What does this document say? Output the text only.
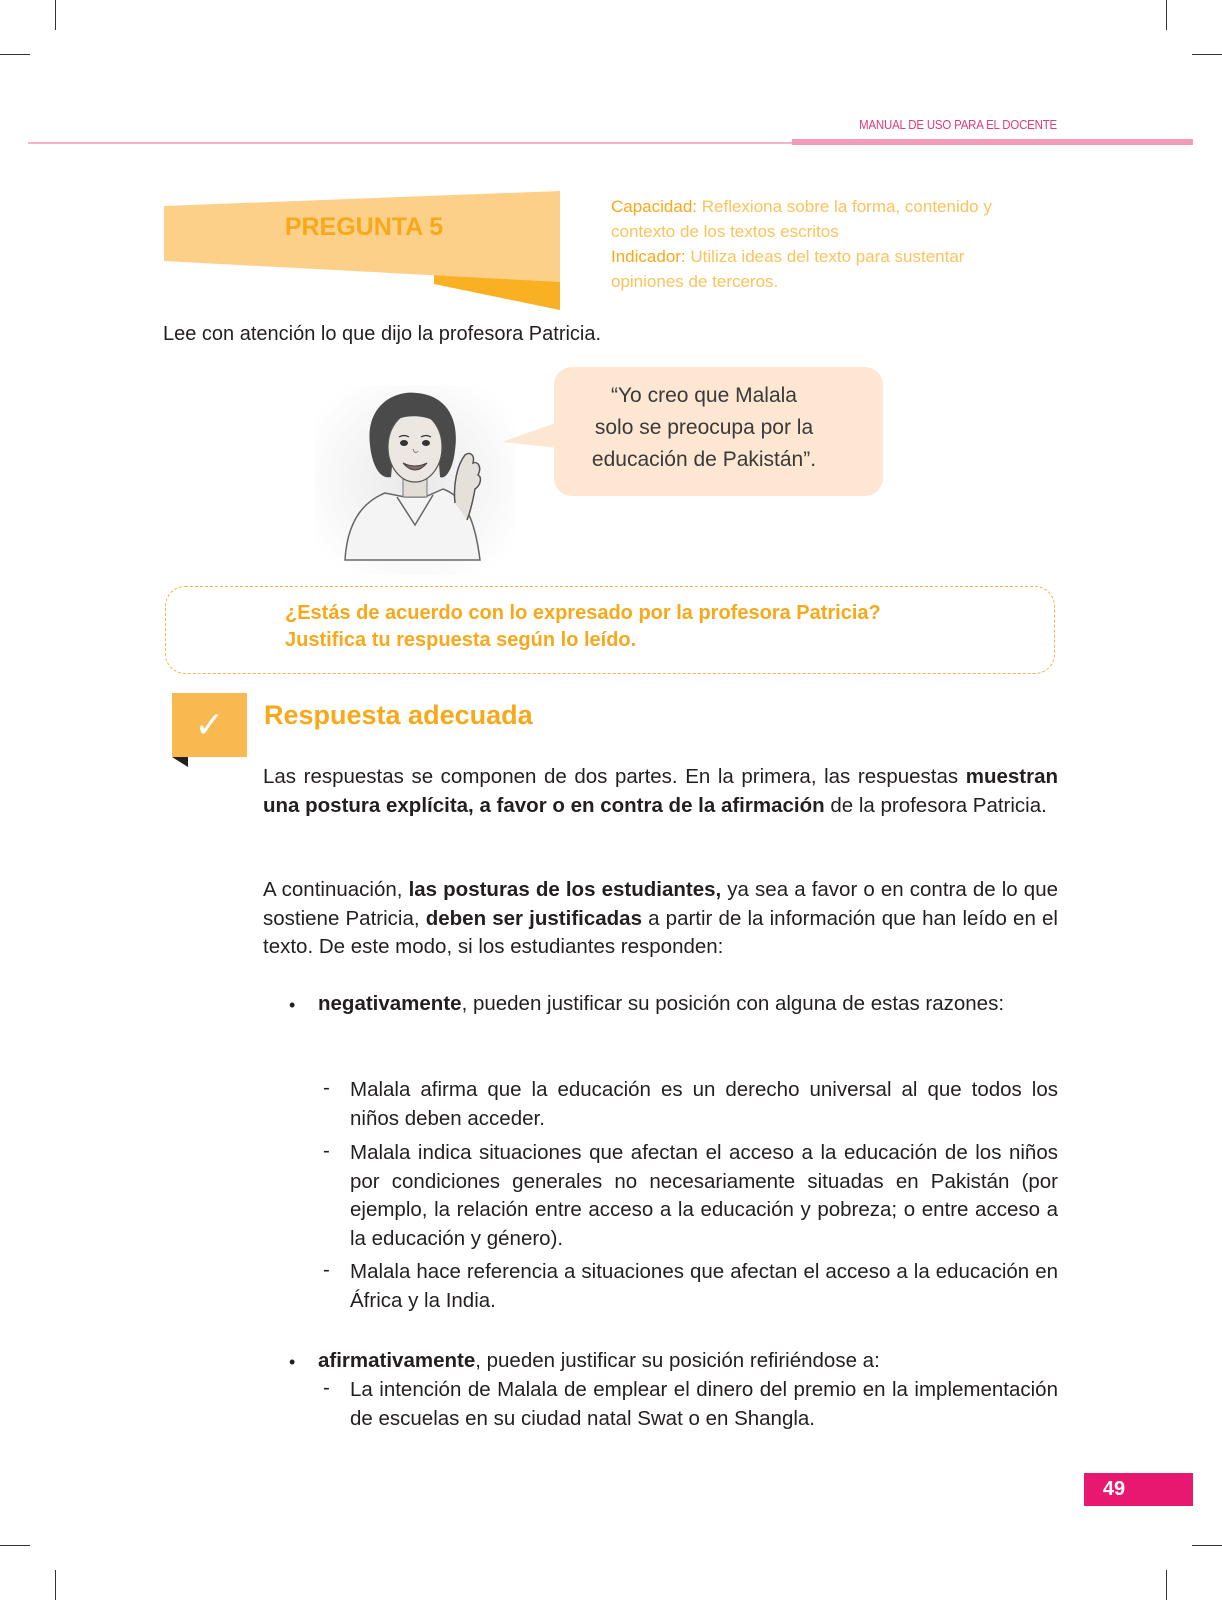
MANUAL DE USO PARA EL DOCENTE
PREGUNTA 5
Capacidad: Reflexiona sobre la forma, contenido y contexto de los textos escritos
Indicador: Utiliza ideas del texto para sustentar opiniones de terceros.
Lee con atención lo que dijo la profesora Patricia.
“Yo creo que Malala
solo se preocupa por la
educación de Pakistán”.
¿Estás de acuerdo con lo expresado por la profesora Patricia?
Justifica tu respuesta según lo leído.
✓	Respuesta adecuada
Las respuestas se componen de dos partes. En la primera, las respuestas muestran una postura explícita, a favor o en contra de la afirmación de la profesora Patricia.
A continuación, las posturas de los estudiantes, ya sea a favor o en contra de lo que sostiene Patricia, deben ser justificadas a partir de la información que han leído en el texto. De este modo, si los estudiantes responden:
• negativamente, pueden justificar su posición con alguna de estas razones:
- Malala afirma que la educación es un derecho universal al que todos los niños deben acceder.
- Malala indica situaciones que afectan el acceso a la educación de los niños por condiciones generales no necesariamente situadas en Pakistán (por ejemplo, la relación entre acceso a la educación y pobreza; o entre acceso a la educación y género).
- Malala hace referencia a situaciones que afectan el acceso a la educación en África y la India.
• afirmativamente, pueden justificar su posición refiriéndose a:
- La intención de Malala de emplear el dinero del premio en la implementación de escuelas en su ciudad natal Swat o en Shangla.
49
